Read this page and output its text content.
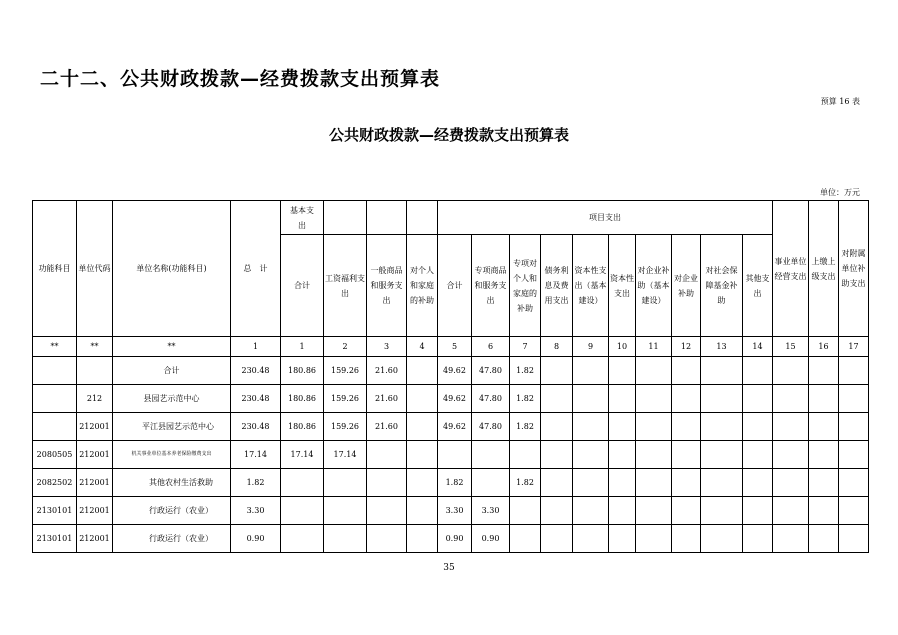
二十二、公共财政拨款—经费拨款支出预算表
预算 16 表
公共财政拨款—经费拨款支出预算表
单位：万元
功能科目	单位代码	单位名称(功能科目)	总　计	基本支出				项目支出										事业单位经营支出	上缴上级支出	对附属单位补助支出

				合计	工资福利支出	一般商品和服务支出	对个人和家庭的补助	合计	专项商品和服务支出	专项对个人和家庭的补助	债务利息及费用支出	资本性支出（基本建设）	资本性支出	对企业补助（基本建设）	对企业补助	对社会保障基金补助	其他支出			

**	**	**	1	1	2	3	4	5	6	7	8	9	10	11	12	13	14	15	16	17
		合计	230.48	180.86	159.26	21.60		49.62	47.80	1.82										
	212	县园艺示范中心	230.48	180.86	159.26	21.60		49.62	47.80	1.82										
	212001	平江县园艺示范中心	230.48	180.86	159.26	21.60		49.62	47.80	1.82										
2080505	212001	机关事业单位基本养老保险缴费支出	17.14	17.14	17.14															
2082502	212001	其他农村生活救助	1.82					1.82		1.82										
2130101	212001	行政运行（农业）	3.30					3.30	3.30											
2130101	212001	行政运行（农业）	0.90					0.90	0.90											
35
